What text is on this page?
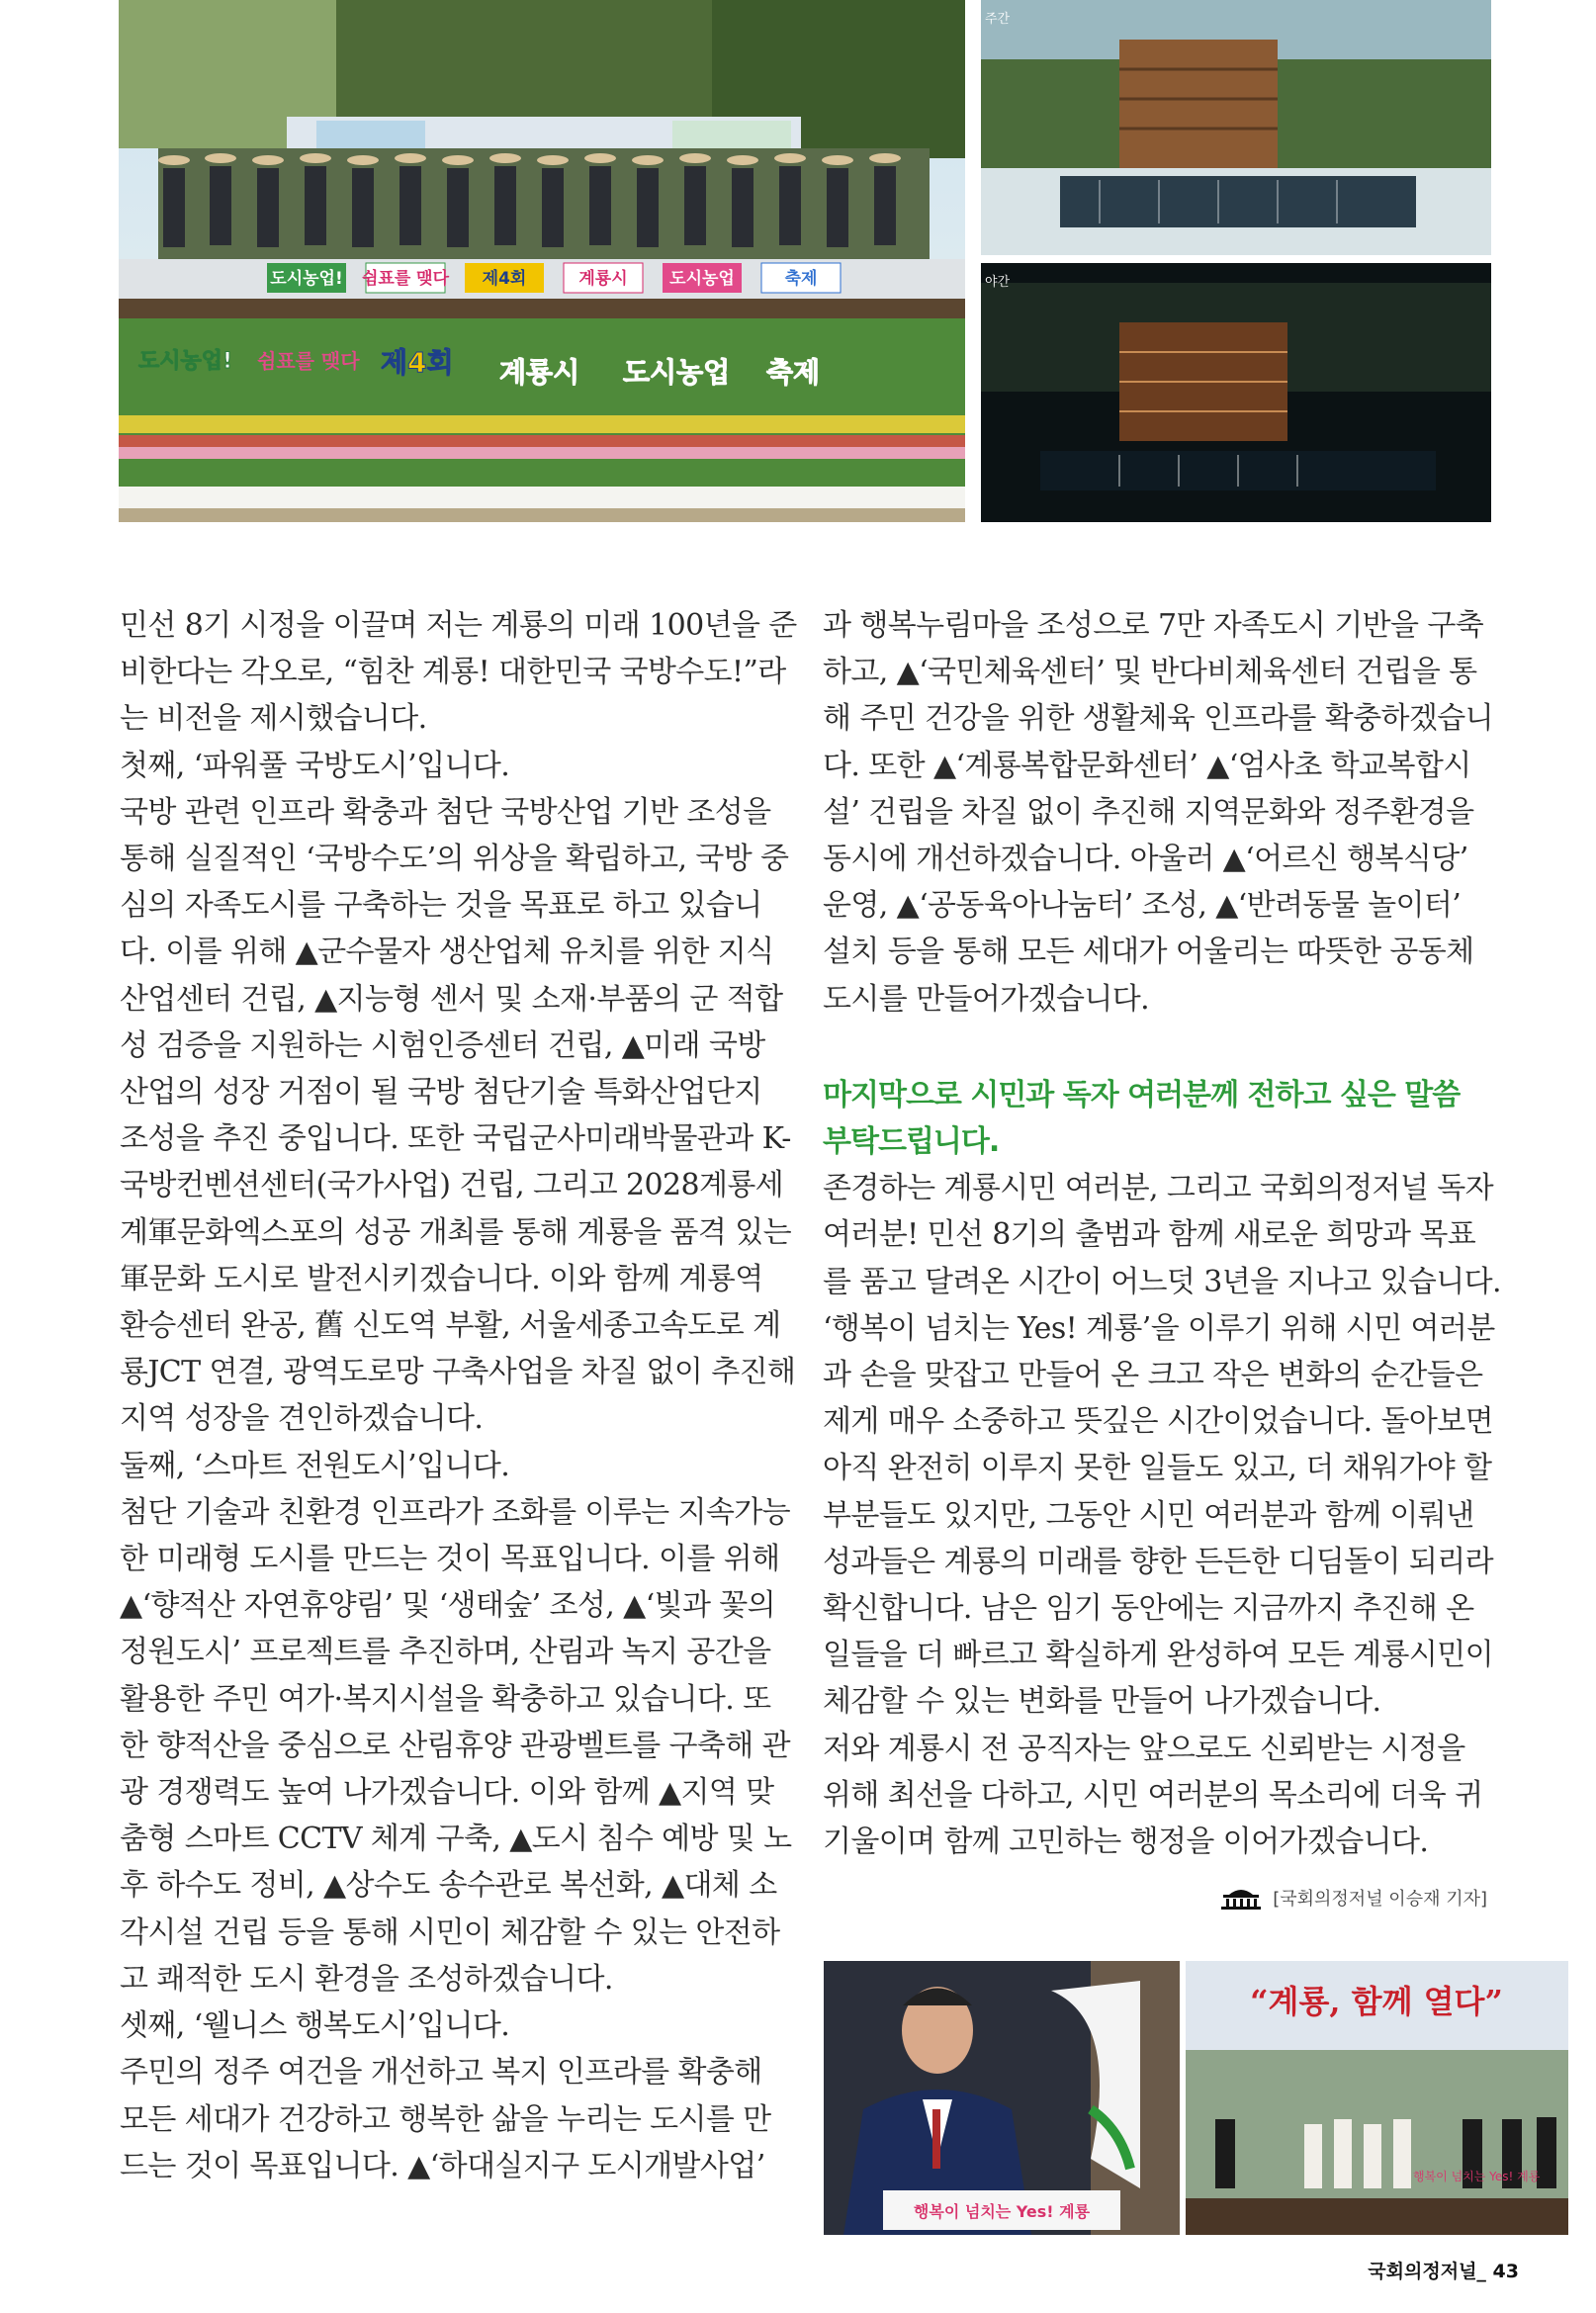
도시농업! 쉼표를 맺다 제4회	계룡시	도시농업	축제
도시농업! 쉼표를 맺다 제4회 계룡시 도시농업 축제
주간
야간

민선 8기 시정을 이끌며 저는 계룡의 미래 100년을 준

비한다는 각오로, “힘찬 계룡! 대한민국 국방수도!”라

는 비전을 제시했습니다.

첫째, ‘파워풀 국방도시’입니다.

국방 관련 인프라 확충과 첨단 국방산업 기반 조성을

통해 실질적인 ‘국방수도’의 위상을 확립하고, 국방 중

심의 자족도시를 구축하는 것을 목표로 하고 있습니

다. 이를 위해 ▲군수물자 생산업체 유치를 위한 지식

산업센터 건립, ▲지능형 센서 및 소재·부품의 군 적합

성 검증을 지원하는 시험인증센터 건립, ▲미래 국방

산업의 성장 거점이 될 국방 첨단기술 특화산업단지

조성을 추진 중입니다. 또한 국립군사미래박물관과 K-

국방컨벤션센터(국가사업) 건립, 그리고 2028계룡세

계軍문화엑스포의 성공 개최를 통해 계룡을 품격 있는

軍문화 도시로 발전시키겠습니다. 이와 함께 계룡역

환승센터 완공, 舊 신도역 부활, 서울세종고속도로 계

룡JCT 연결, 광역도로망 구축사업을 차질 없이 추진해

지역 성장을 견인하겠습니다.

둘째, ‘스마트 전원도시’입니다.

첨단 기술과 친환경 인프라가 조화를 이루는 지속가능

한 미래형 도시를 만드는 것이 목표입니다. 이를 위해

▲‘향적산 자연휴양림’ 및 ‘생태숲’ 조성, ▲‘빛과 꽃의

정원도시’ 프로젝트를 추진하며, 산림과 녹지 공간을

활용한 주민 여가·복지시설을 확충하고 있습니다. 또

한 향적산을 중심으로 산림휴양 관광벨트를 구축해 관

광 경쟁력도 높여 나가겠습니다. 이와 함께 ▲지역 맞

춤형 스마트 CCTV 체계 구축, ▲도시 침수 예방 및 노

후 하수도 정비, ▲상수도 송수관로 복선화, ▲대체 소

각시설 건립 등을 통해 시민이 체감할 수 있는 안전하

고 쾌적한 도시 환경을 조성하겠습니다.

셋째, ‘웰니스 행복도시’입니다.

주민의 정주 여건을 개선하고 복지 인프라를 확충해

모든 세대가 건강하고 행복한 삶을 누리는 도시를 만

드는 것이 목표입니다. ▲‘하대실지구 도시개발사업’

과 행복누림마을 조성으로 7만 자족도시 기반을 구축

하고, ▲‘국민체육센터’ 및 반다비체육센터 건립을 통

해 주민 건강을 위한 생활체육 인프라를 확충하겠습니

다. 또한 ▲‘계룡복합문화센터’ ▲‘엄사초 학교복합시

설’ 건립을 차질 없이 추진해 지역문화와 정주환경을

동시에 개선하겠습니다. 아울러 ▲‘어르신 행복식당’

운영, ▲‘공동육아나눔터’ 조성, ▲‘반려동물 놀이터’

설치 등을 통해 모든 세대가 어울리는 따뜻한 공동체

도시를 만들어가겠습니다.

마지막으로 시민과 독자 여러분께 전하고 싶은 말씀

부탁드립니다.

존경하는 계룡시민 여러분, 그리고 국회의정저널 독자

여러분! 민선 8기의 출범과 함께 새로운 희망과 목표

를 품고 달려온 시간이 어느덧 3년을 지나고 있습니다.

‘행복이 넘치는 Yes! 계룡’을 이루기 위해 시민 여러분

과 손을 맞잡고 만들어 온 크고 작은 변화의 순간들은

제게 매우 소중하고 뜻깊은 시간이었습니다. 돌아보면

아직 완전히 이루지 못한 일들도 있고, 더 채워가야 할

부분들도 있지만, 그동안 시민 여러분과 함께 이뤄낸

성과들은 계룡의 미래를 향한 든든한 디딤돌이 되리라

확신합니다. 남은 임기 동안에는 지금까지 추진해 온

일들을 더 빠르고 확실하게 완성하여 모든 계룡시민이

체감할 수 있는 변화를 만들어 나가겠습니다.

저와 계룡시 전 공직자는 앞으로도 신뢰받는 시정을

위해 최선을 다하고, 시민 여러분의 목소리에 더욱 귀

기울이며 함께 고민하는 행정을 이어가겠습니다.

[국회의정저널 이승재 기자]
행복이 넘치는 Yes! 계룡
“계룡, 함께 열다”
행복이 넘치는 Yes! 계룡
국회의정저널_ 43
